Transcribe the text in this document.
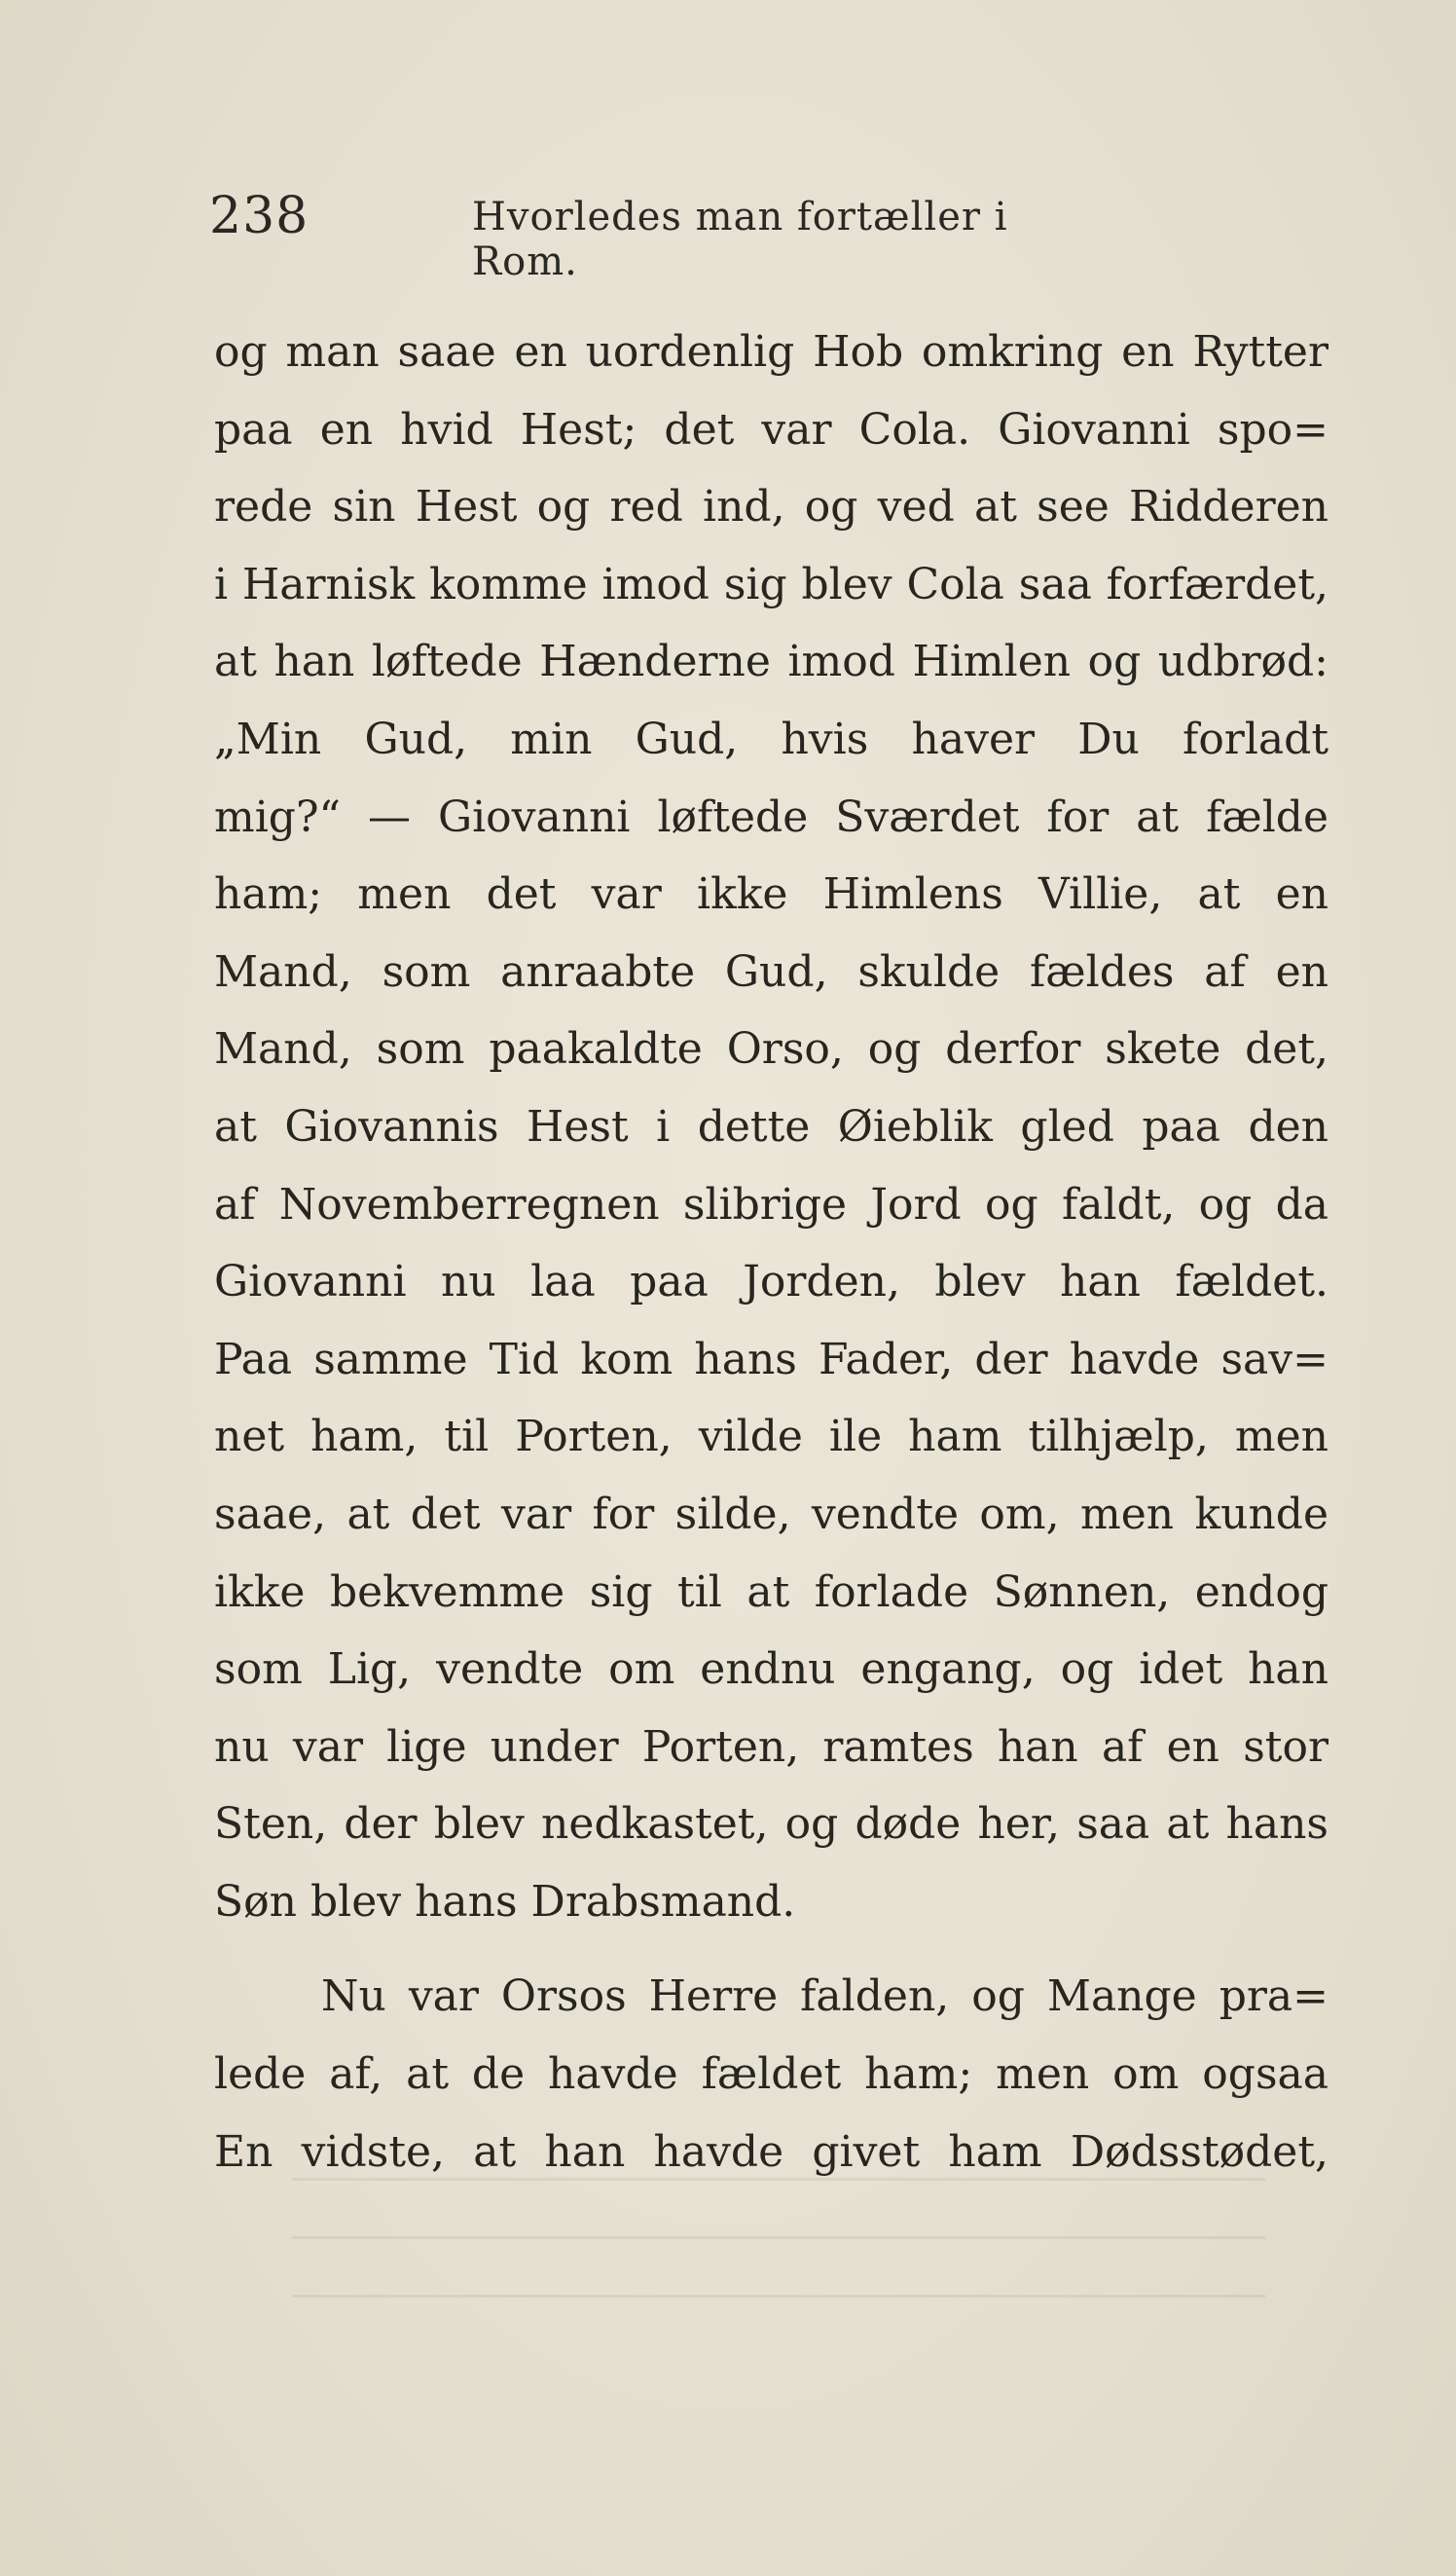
238	Hvorledes man fortæller i Rom.
og man saae en uordenlig Hob omkring en Rytter
paa en hvid Hest; det var Cola. Giovanni spo=
rede sin Hest og red ind, og ved at see Ridderen
i Harnisk komme imod sig blev Cola saa forfærdet,
at han løftede Hænderne imod Himlen og udbrød:
„Min Gud, min Gud, hvis haver Du forladt
mig?“ — Giovanni løftede Sværdet for at fælde
ham; men det var ikke Himlens Villie, at en
Mand, som anraabte Gud, skulde fældes af en
Mand, som paakaldte Orso, og derfor skete det,
at Giovannis Hest i dette Øieblik gled paa den
af Novemberregnen slibrige Jord og faldt, og da
Giovanni nu laa paa Jorden, blev han fældet.
Paa samme Tid kom hans Fader, der havde sav=
net ham, til Porten, vilde ile ham tilhjælp, men
saae, at det var for silde, vendte om, men kunde
ikke bekvemme sig til at forlade Sønnen, endog
som Lig, vendte om endnu engang, og idet han
nu var lige under Porten, ramtes han af en stor
Sten, der blev nedkastet, og døde her, saa at hans
Søn blev hans Drabsmand.
Nu var Orsos Herre falden, og Mange pra=
lede af, at de havde fældet ham; men om ogsaa
En vidste, at han havde givet ham Dødsstødet,
